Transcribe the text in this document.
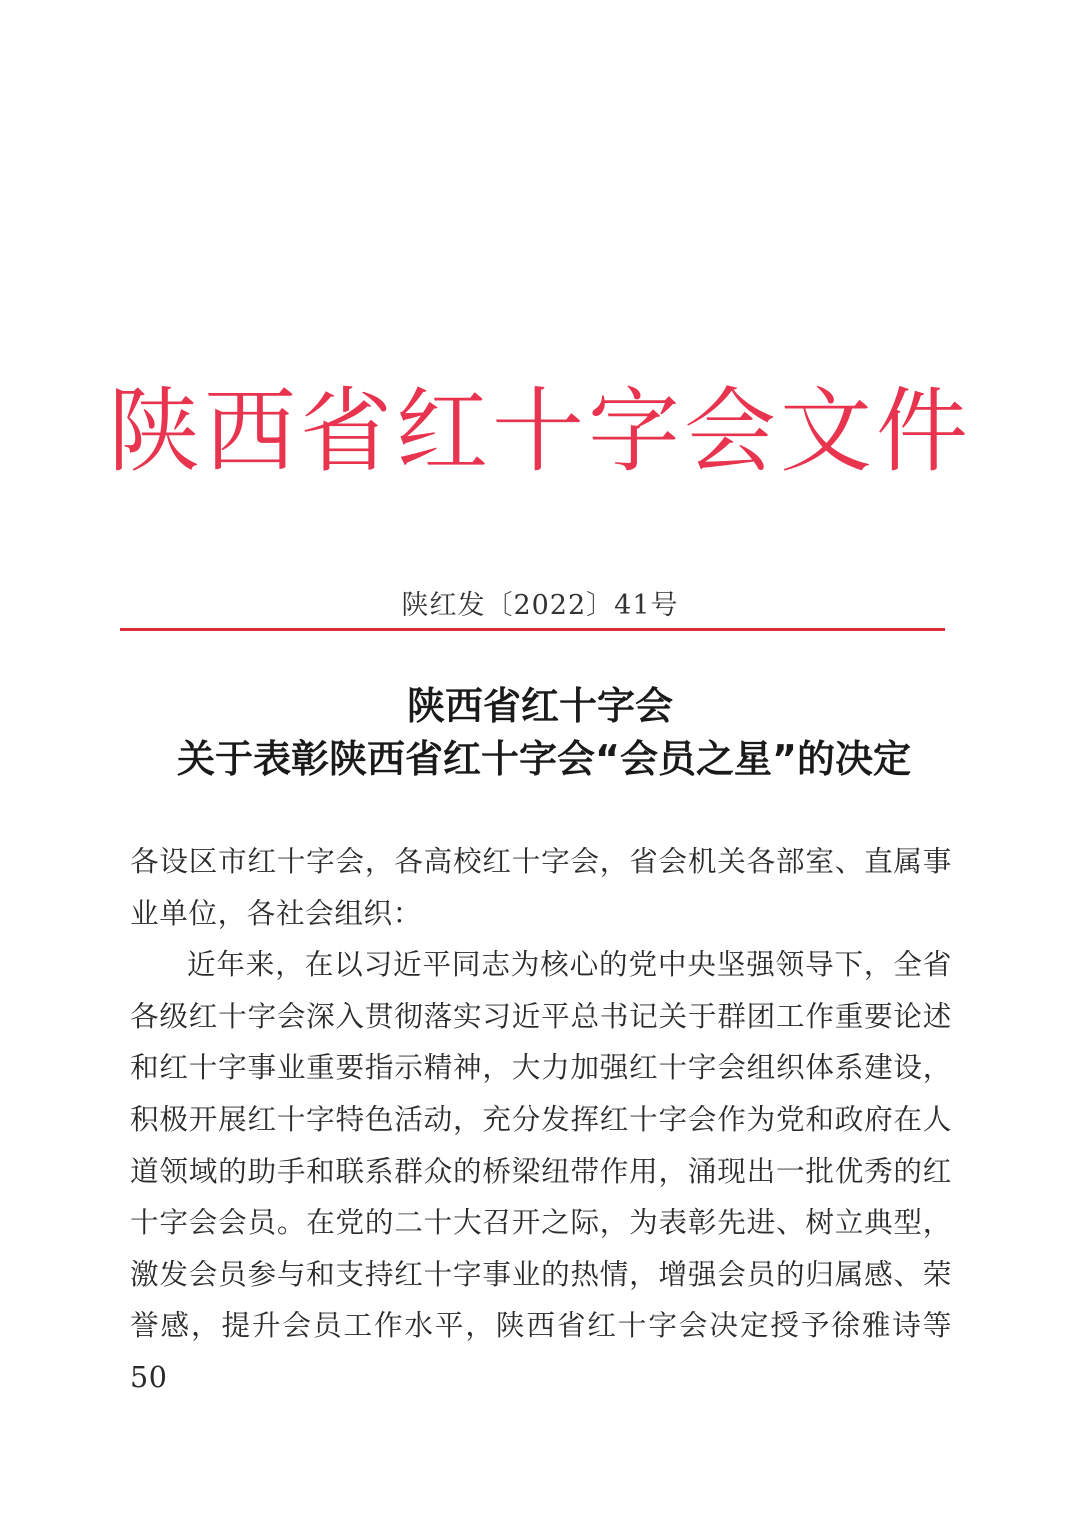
陕西省红十字会文件
陕红发〔2022〕41号
陕西省红十字会
关于表彰陕西省红十字会“会员之星”的决定

各设区市红十字会，各高校红十字会，省会机关各部室、直属事业单位，各社会组织：

近年来，在以习近平同志为核心的党中央坚强领导下，全省各级红十字会深入贯彻落实习近平总书记关于群团工作重要论述和红十字事业重要指示精神，大力加强红十字会组织体系建设，积极开展红十字特色活动，充分发挥红十字会作为党和政府在人道领域的助手和联系群众的桥梁纽带作用，涌现出一批优秀的红十字会会员。在党的二十大召开之际，为表彰先进、树立典型，激发会员参与和支持红十字事业的热情，增强会员的归属感、荣誉感，提升会员工作水平，陕西省红十字会决定授予徐雅诗等50
